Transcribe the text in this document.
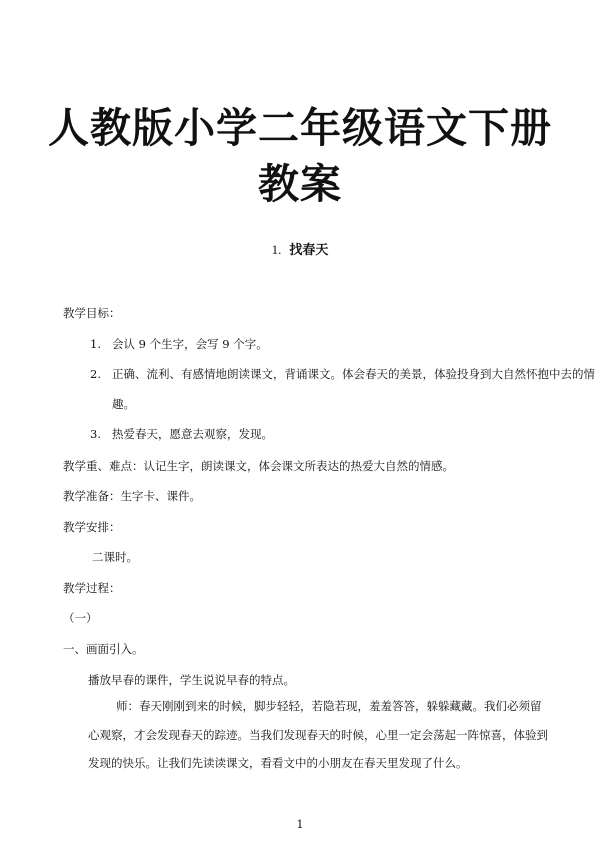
人教版小学二年级语文下册教案
1. 找春天
教学目标：
1. 会认 9 个生字，会写 9 个字。
2. 正确、流利、有感情地朗读课文，背诵课文。体会春天的美景，体验投身到大自然怀抱中去的情
趣。
3. 热爱春天，愿意去观察，发现。
教学重、难点：认记生字，朗读课文，体会课文所表达的热爱大自然的情感。
教学准备：生字卡、课件。
教学安排：
二课时。
教学过程：
（一）
一、画面引入。
播放早春的课件，学生说说早春的特点。
师：春天刚刚到来的时候，脚步轻轻，若隐若现，羞羞答答，躲躲藏藏。我们必须留心观察，才会发现春天的踪迹。当我们发现春天的时候，心里一定会荡起一阵惊喜，体验到发现的快乐。让我们先读读课文，看看文中的小朋友在春天里发现了什么。
1
